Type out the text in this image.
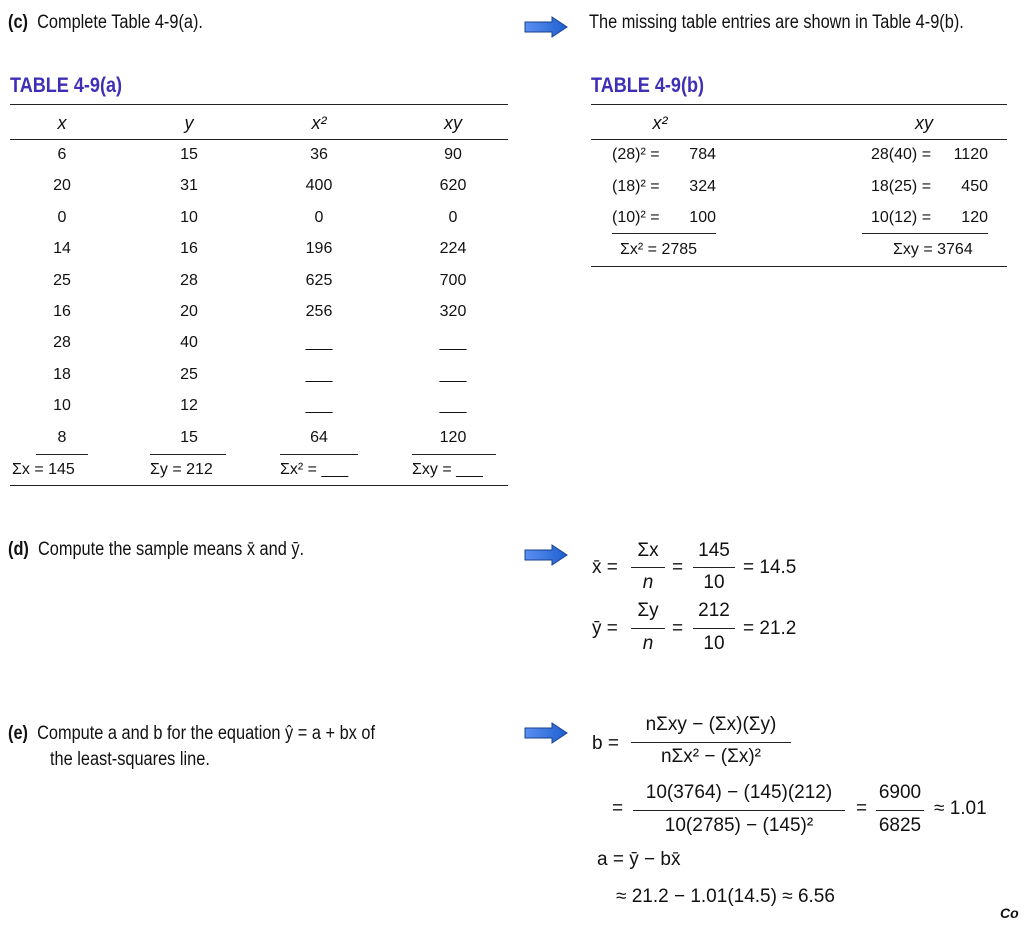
(c) Complete Table 4-9(a).	The missing table entries are shown in Table 4-9(b).
TABLE 4-9(a)
x	y	x²	xy
6	15	36	90
20	31	400	620
0	10	0	0
14	16	196	224
25	28	625	700
16	20	256	320
28	40	___	___
18	25	___	___
10	12	___	___
8	15	64	120
Σx = 145	Σy = 212	Σx² = ___	Σxy = ___
TABLE 4-9(b)
x²	xy
(28)² =	784	28(40) =	1120
(18)² =	324	18(25) =	450
(10)² =	100	10(12) =	120
Σx² = 2785	Σxy = 3764
(d) Compute the sample means x̄ and ȳ.
x̄ =
Σx
n
=
145
10
= 14.5
ȳ =
Σy
n
=
212
10
= 21.2
(e) Compute a and b for the equation ŷ = a + bx of
the least-squares line.
b =
nΣxy − (Σx)(Σy)
nΣx² − (Σx)²
=
10(3764) − (145)(212)
10(2785) − (145)²
=
6900
6825
≈ 1.01
a = ȳ − bx̄
≈ 21.2 − 1.01(14.5) ≈ 6.56
Co
